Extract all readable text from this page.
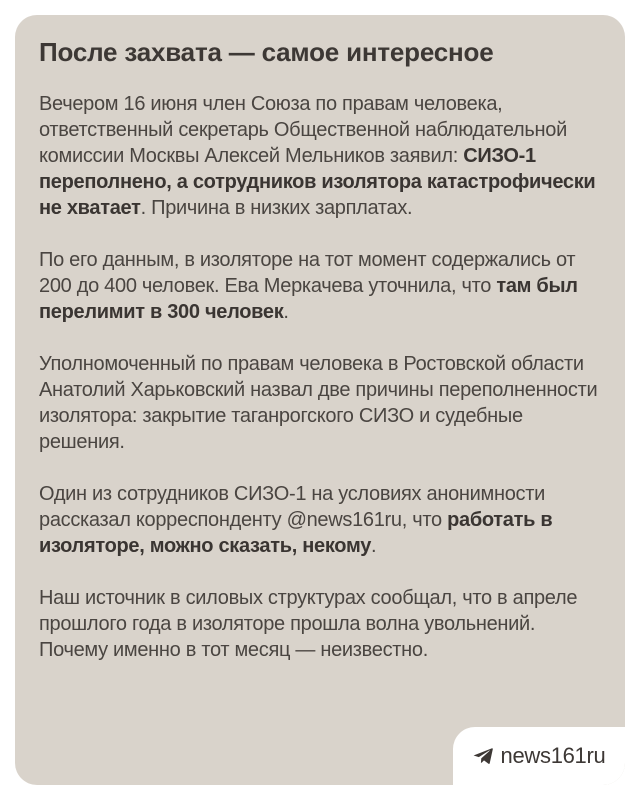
После захвата — самое интересное

Вечером 16 июня член Союза по правам человека, ответственный секретарь Общественной наблюдательной комиссии Москвы Алексей Мельников заявил: СИЗО-1 переполнено, а сотрудников изолятора катастрофически не хватает. Причина в низких зарплатах.

По его данным, в изоляторе на тот момент содержались от 200 до 400 человек. Ева Меркачева уточнила, что там был перелимит в 300 человек.

Уполномоченный по правам человека в Ростовской области Анатолий Харьковский назвал две причины переполненности изолятора: закрытие таганрогского СИЗО и судебные решения.

Один из сотрудников СИЗО-1 на условиях анонимности рассказал корреспонденту @news161ru, что работать в изоляторе, можно сказать, некому.

Наш источник в силовых структурах сообщал, что в апреле прошлого года в изоляторе прошла волна увольнений. Почему именно в тот месяц — неизвестно.

news161ru
